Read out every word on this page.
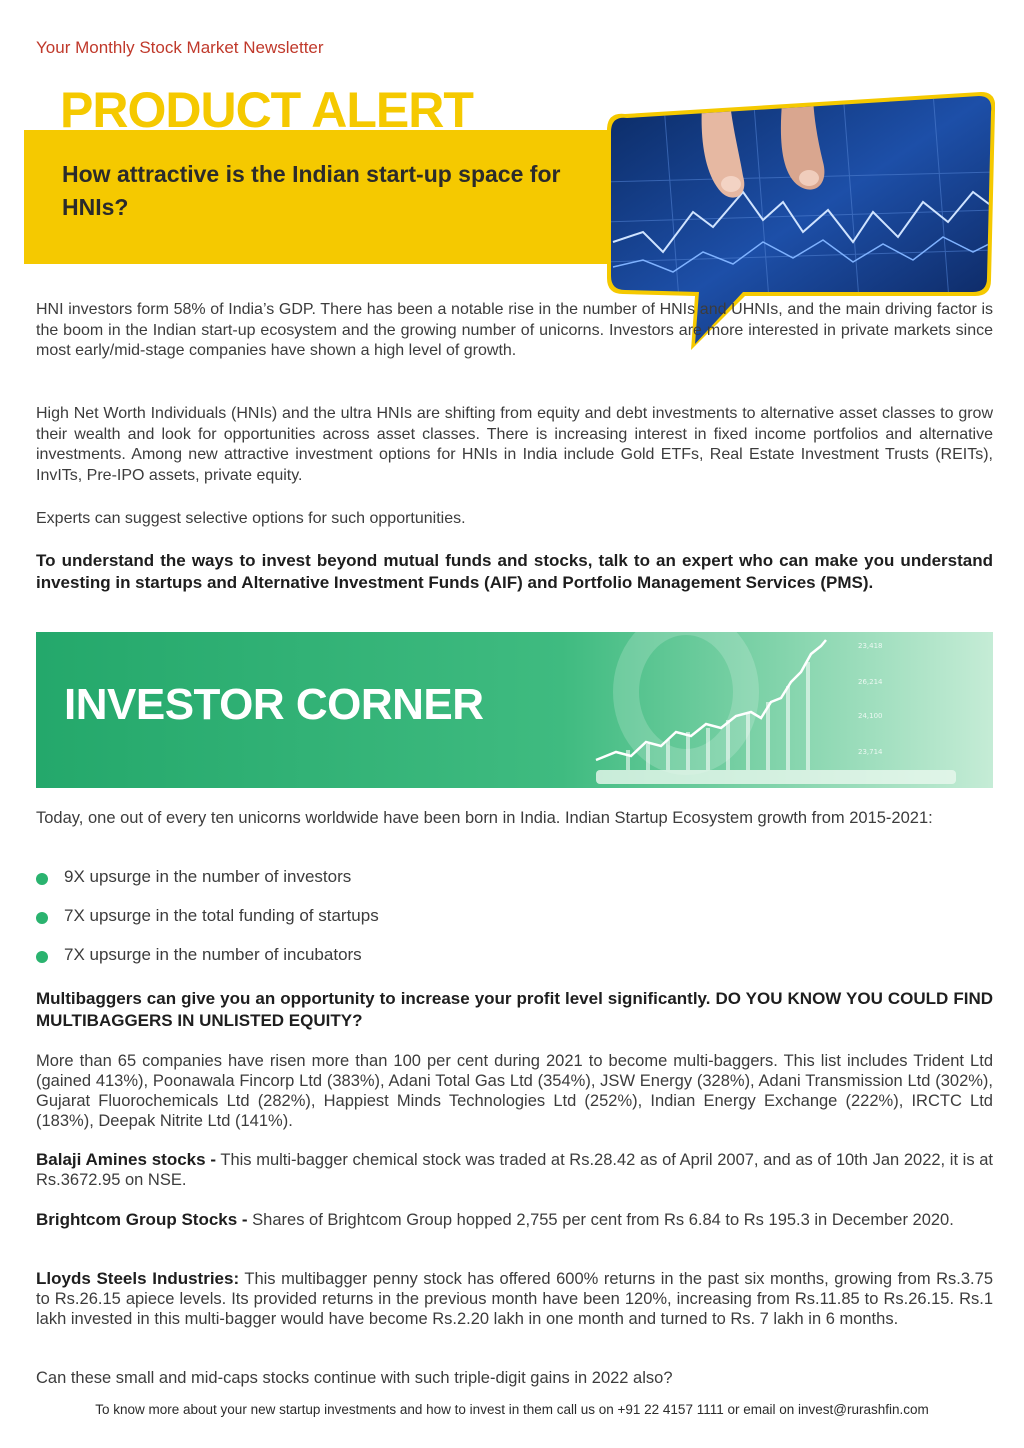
Your Monthly Stock Market Newsletter
PRODUCT ALERT
How attractive is the Indian start-up space for HNIs?
HNI investors form 58% of India’s GDP. There has been a notable rise in the number of HNIs and UHNIs, and the main driving factor is the boom in the Indian start-up ecosystem and the growing number of unicorns. Investors are more interested in private markets since most early/mid-stage companies have shown a high level of growth.
High Net Worth Individuals (HNIs) and the ultra HNIs are shifting from equity and debt investments to alternative asset classes to grow their wealth and look for opportunities across asset classes. There is increasing interest in fixed income portfolios and alternative investments. Among new attractive investment options for HNIs in India include Gold ETFs, Real Estate Investment Trusts (REITs), InvITs, Pre-IPO assets, private equity.
Experts can suggest selective options for such opportunities.
To understand the ways to invest beyond mutual funds and stocks, talk to an expert who can make you understand investing in startups and Alternative Investment Funds (AIF) and Portfolio Management Services (PMS).
23,418
26,214
24,100
23,714
INVESTOR CORNER
Today, one out of every ten unicorns worldwide have been born in India. Indian Startup Ecosystem growth from 2015-2021:
9X upsurge in the number of investors
7X upsurge in the total funding of startups
7X upsurge in the number of incubators
Multibaggers can give you an opportunity to increase your profit level significantly. DO YOU KNOW YOU COULD FIND MULTIBAGGERS IN UNLISTED EQUITY?
More than 65 companies have risen more than 100 per cent during 2021 to become multi-baggers. This list includes Trident Ltd (gained 413%), Poonawala Fincorp Ltd (383%), Adani Total Gas Ltd (354%), JSW Energy (328%), Adani Transmission Ltd (302%), Gujarat Fluorochemicals Ltd (282%), Happiest Minds Technologies Ltd (252%), Indian Energy Exchange (222%), IRCTC Ltd (183%), Deepak Nitrite Ltd (141%).
Balaji Amines stocks - This multi-bagger chemical stock was traded at Rs.28.42 as of April 2007, and as of 10th Jan 2022, it is at Rs.3672.95 on NSE.
Brightcom Group Stocks - Shares of Brightcom Group hopped 2,755 per cent from Rs 6.84 to Rs 195.3 in December 2020.
Lloyds Steels Industries: This multibagger penny stock has offered 600% returns in the past six months, growing from Rs.3.75 to Rs.26.15 apiece levels. Its provided returns in the previous month have been 120%, increasing from Rs.11.85 to Rs.26.15. Rs.1 lakh invested in this multi-bagger would have become Rs.2.20 lakh in one month and turned to Rs. 7 lakh in 6 months.
Can these small and mid-caps stocks continue with such triple-digit gains in 2022 also?
To know more about your new startup investments and how to invest in them call us on +91 22 4157 1111 or email on invest@rurashfin.com
